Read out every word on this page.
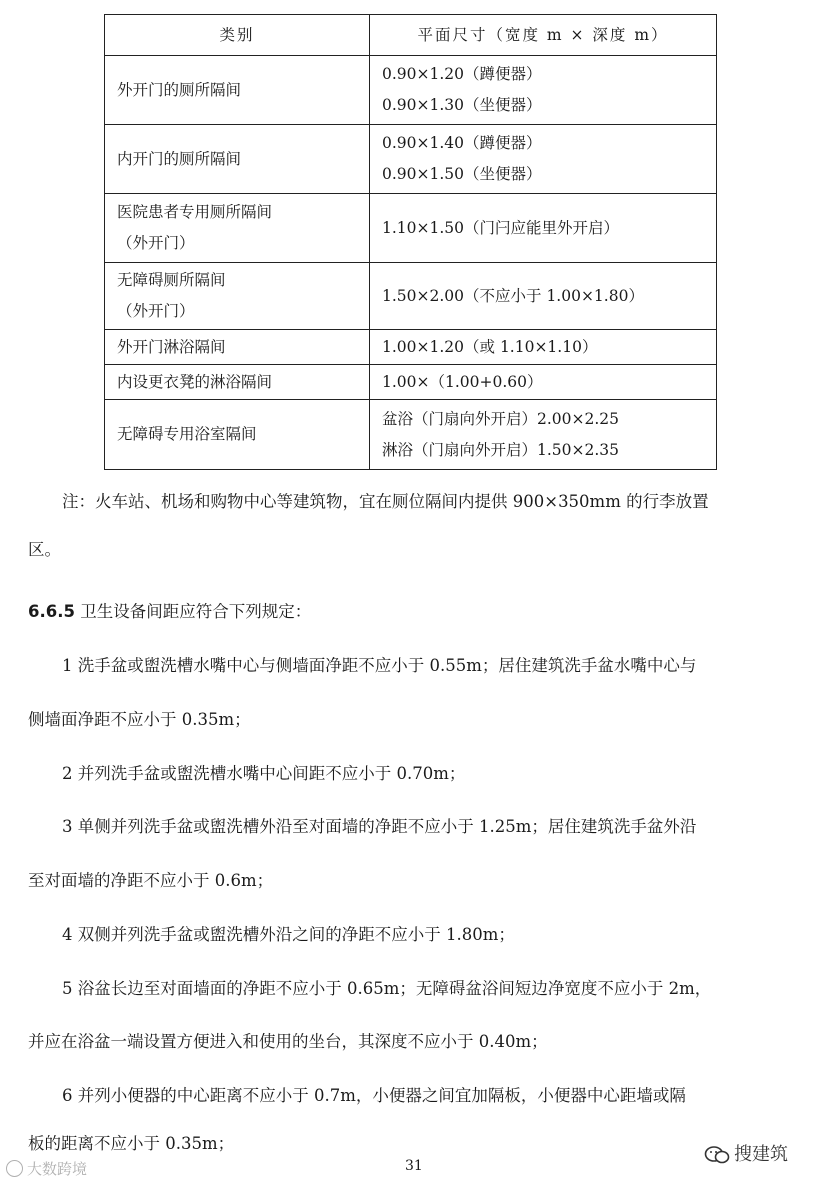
类别	平面尺寸（宽度 m × 深度 m）

外开门的厕所隔间	0.90×1.20（蹲便器）
0.90×1.30（坐便器）

内开门的厕所隔间	0.90×1.40（蹲便器）
0.90×1.50（坐便器）

医院患者专用厕所隔间
（外开门）	1.10×1.50（门闩应能里外开启）

无障碍厕所隔间
（外开门）	1.50×2.00（不应小于 1.00×1.80）

外开门淋浴隔间	1.00×1.20（或 1.10×1.10）

内设更衣凳的淋浴隔间	1.00×（1.00+0.60）

无障碍专用浴室隔间	盆浴（门扇向外开启）2.00×2.25
淋浴（门扇向外开启）1.50×2.35
注：火车站、机场和购物中心等建筑物，宜在厕位隔间内提供 900×350mm 的行李放置
区。
6.6.5 卫生设备间距应符合下列规定：
1 洗手盆或盥洗槽水嘴中心与侧墙面净距不应小于 0.55m；居住建筑洗手盆水嘴中心与
侧墙面净距不应小于 0.35m；
2 并列洗手盆或盥洗槽水嘴中心间距不应小于 0.70m；
3 单侧并列洗手盆或盥洗槽外沿至对面墙的净距不应小于 1.25m；居住建筑洗手盆外沿
至对面墙的净距不应小于 0.6m；
4 双侧并列洗手盆或盥洗槽外沿之间的净距不应小于 1.80m；
5 浴盆长边至对面墙面的净距不应小于 0.65m；无障碍盆浴间短边净宽度不应小于 2m，
并应在浴盆一端设置方便进入和使用的坐台，其深度不应小于 0.40m；
6 并列小便器的中心距离不应小于 0.7m，小便器之间宜加隔板，小便器中心距墙或隔
板的距离不应小于 0.35m；
31
大数跨境
搜建筑
